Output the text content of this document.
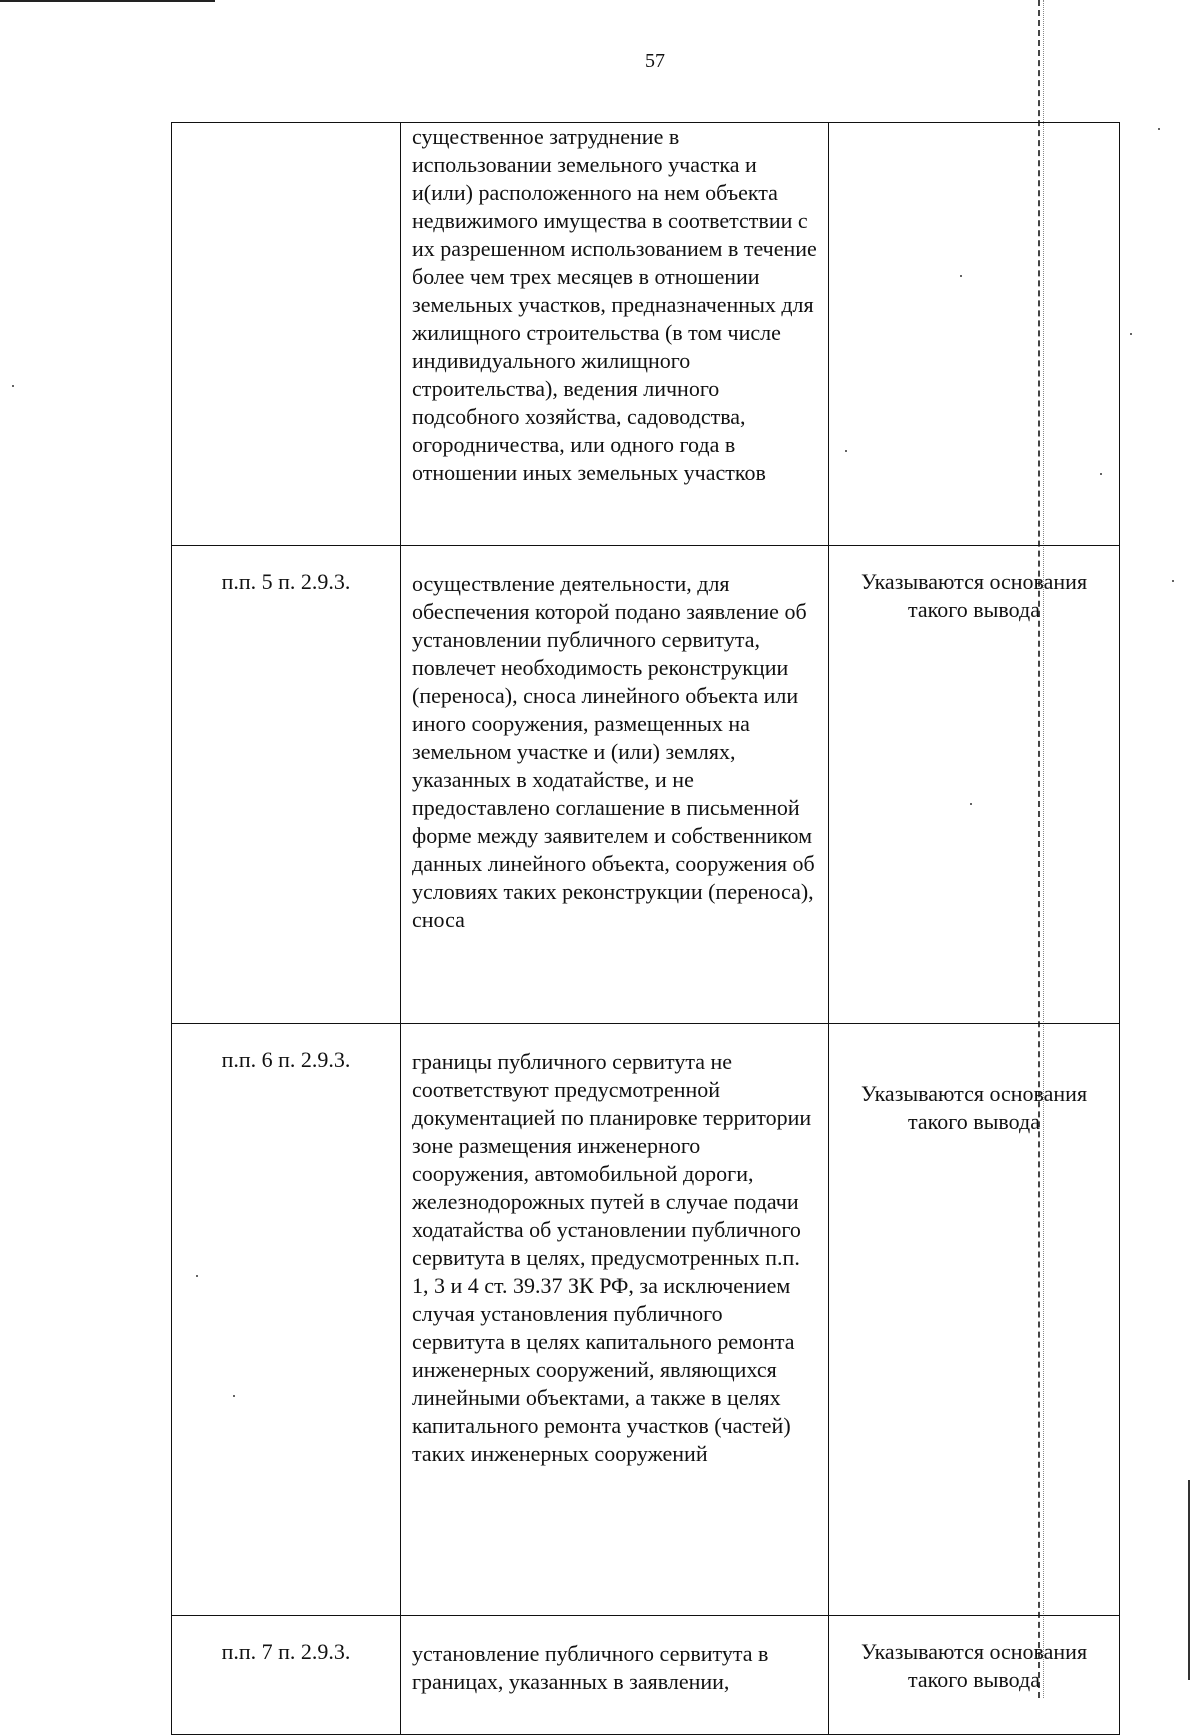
57
	существенное затруднение в использовании земельного участка и и(или) расположенного на нем объекта недвижимого имущества в соответствии с их разрешенном использованием в течение более чем трех месяцев в отношении земельных участков, предназначенных для жилищного строительства (в том числе индивидуального жилищного строительства), ведения личного подсобного хозяйства, садоводства, огородничества, или одного года в отношении иных земельных участков	
п.п. 5 п. 2.9.3.	осуществление деятельности, для обеспечения которой подано заявление об установлении публичного сервитута, повлечет необходимость реконструкции (переноса), сноса линейного объекта или иного сооружения, размещенных на земельном участке и (или) землях, указанных в ходатайстве, и не предоставлено соглашение в письменной форме между заявителем и собственником данных линейного объекта, сооружения об условиях таких реконструкции (переноса), сноса	Указываются основания такого вывода
п.п. 6 п. 2.9.3.	границы публичного сервитута не соответствуют предусмотренной документацией по планировке территории зоне размещения инженерного сооружения, автомобильной дороги, железнодорожных путей в случае подачи ходатайства об установлении публичного сервитута в целях, предусмотренных п.п. 1, 3 и 4 ст. 39.37 ЗК РФ, за исключением случая установления публичного сервитута в целях капитального ремонта инженерных сооружений, являющихся линейными объектами, а также в целях капитального ремонта участков (частей) таких инженерных сооружений	Указываются основания такого вывода
п.п. 7 п. 2.9.3.	установление публичного сервитута в границах, указанных в заявлении,	Указываются основания такого вывода
